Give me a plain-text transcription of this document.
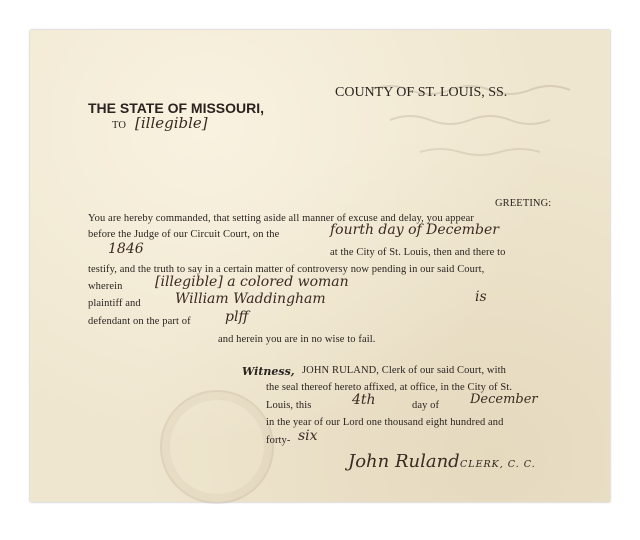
THE STATE OF MISSOURI,
COUNTY OF ST. LOUIS, SS.
TO [illegible]
GREETING:
You are hereby commanded, that setting aside all manner of excuse and delay, you appear
before the Judge of our Circuit Court, on the	fourth day of December
1846	at the City of St. Louis, then and there to
testify, and the truth to say in a certain matter of controversy now pending in our said Court,
wherein [illegible] a colored woman
plaintiff and William Waddingham	is
defendant on the part of plff
and herein you are in no wise to fail.
Witness, JOHN RULAND, Clerk of our said Court, with
the seal thereof hereto affixed, at office, in the City of St.
Louis, this	4th	day of December
in the year of our Lord one thousand eight hundred and
forty- six
John Ruland CLERK, C. C.
